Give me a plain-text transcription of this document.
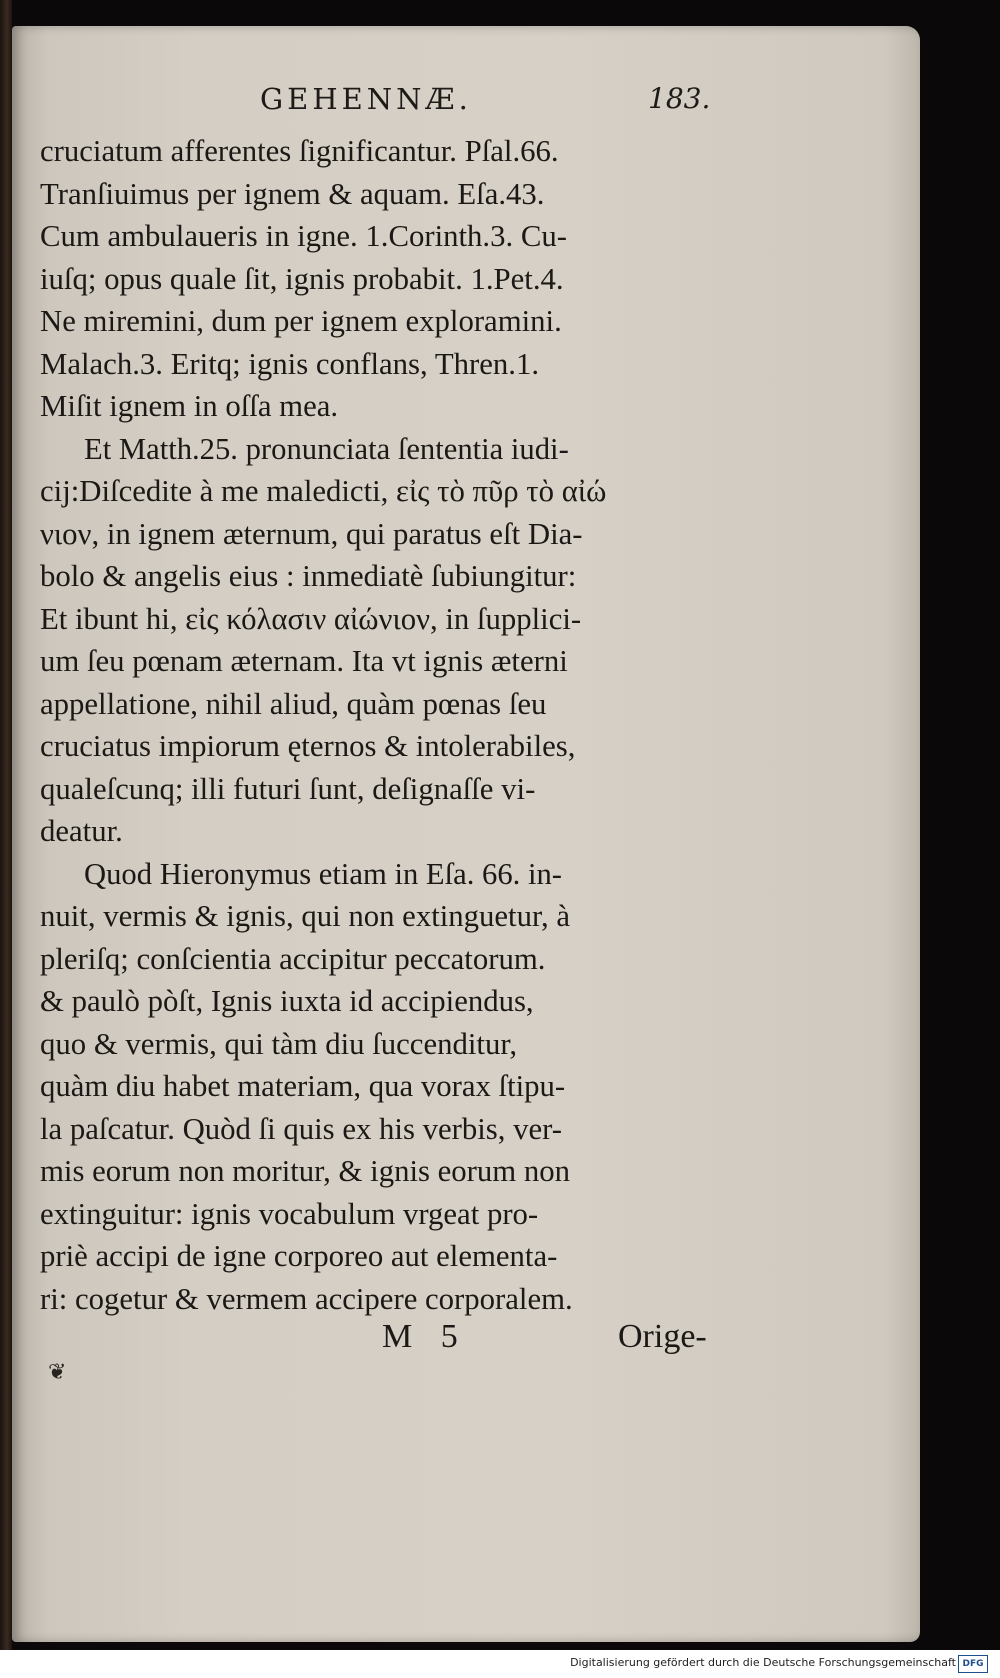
GEHENNÆ.	183.
cruciatum afferentes ſignificantur. Pſal.66.
Tranſiuimus per ignem & aquam. Eſa.43.
Cum ambulaueris in igne. 1.Corinth.3. Cu-
iuſq; opus quale ſit, ignis probabit. 1.Pet.4.
Ne miremini, dum per ignem exploramini.
Malach.3. Eritq; ignis conflans, Thren.1.
Miſit ignem in oſſa mea.
Et Matth.25. pronunciata ſententia iudi-
cij:Diſcedite à me maledicti, εἰς τὸ πῦρ τὸ αἰώ
νιον, in ignem æternum, qui paratus eſt Dia-
bolo & angelis eius : inmediatè ſubiungitur:
Et ibunt hi, εἰς κόλασιν αἰώνιον, in ſupplici-
um ſeu pœnam æternam. Ita vt ignis æterni
appellatione, nihil aliud, quàm pœnas ſeu
cruciatus impiorum ęternos & intolerabiles,
qualeſcunq; illi futuri ſunt, deſignaſſe vi-
deatur.
Quod Hieronymus etiam in Eſa. 66. in-
nuit, vermis & ignis, qui non extinguetur, à
pleriſq; conſcientia accipitur peccatorum.
& paulò pòſt, Ignis iuxta id accipiendus,
quo & vermis, qui tàm diu ſuccenditur,
quàm diu habet materiam, qua vorax ſtipu-
la paſcatur. Quòd ſi quis ex his verbis, ver-
mis eorum non moritur, & ignis eorum non
extinguitur: ignis vocabulum vrgeat pro-
priè accipi de igne corporeo aut elementa-
ri: cogetur & vermem accipere corporalem.
M 5	Orige-
❦
Digitalisierung gefördert durch die Deutsche Forschungsgemeinschaft DFG
